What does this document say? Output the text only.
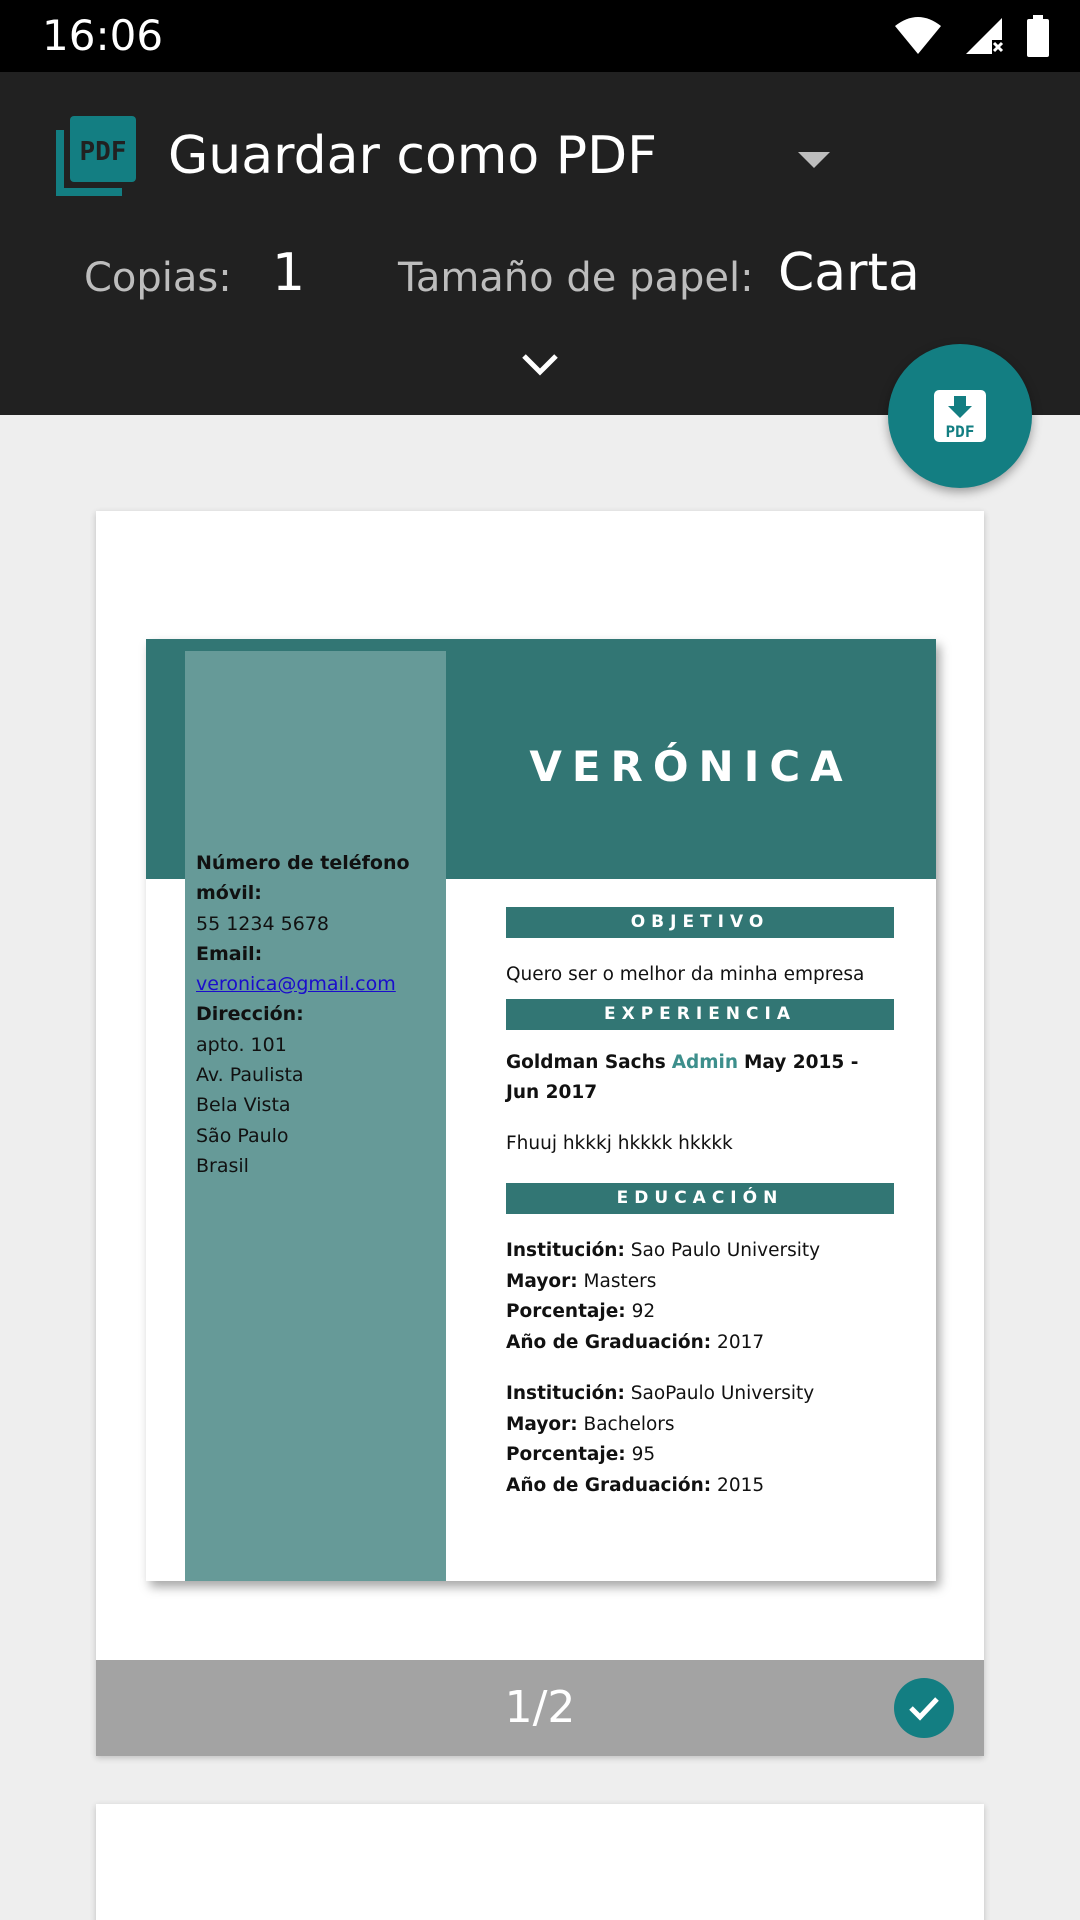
16:06
PDF Guardar como PDF
Copias: 1 Tamaño de papel: Carta
PDF
VERÓNICA
Número de teléfono móvil:
55 1234 5678
Email:
veronica@gmail.com
Dirección:
apto. 101
Av. Paulista
Bela Vista
São Paulo
Brasil
OBJETIVO
Quero ser o melhor da minha empresa
EXPERIENCIA
Goldman Sachs Admin May 2015 - Jun 2017
Fhuuj hkkkj hkkkk hkkkk
EDUCACIÓN
Institución: Sao Paulo University
Mayor: Masters
Porcentaje: 92
Año de Graduación: 2017
Institución: SaoPaulo University
Mayor: Bachelors
Porcentaje: 95
Año de Graduación: 2015
1/2
